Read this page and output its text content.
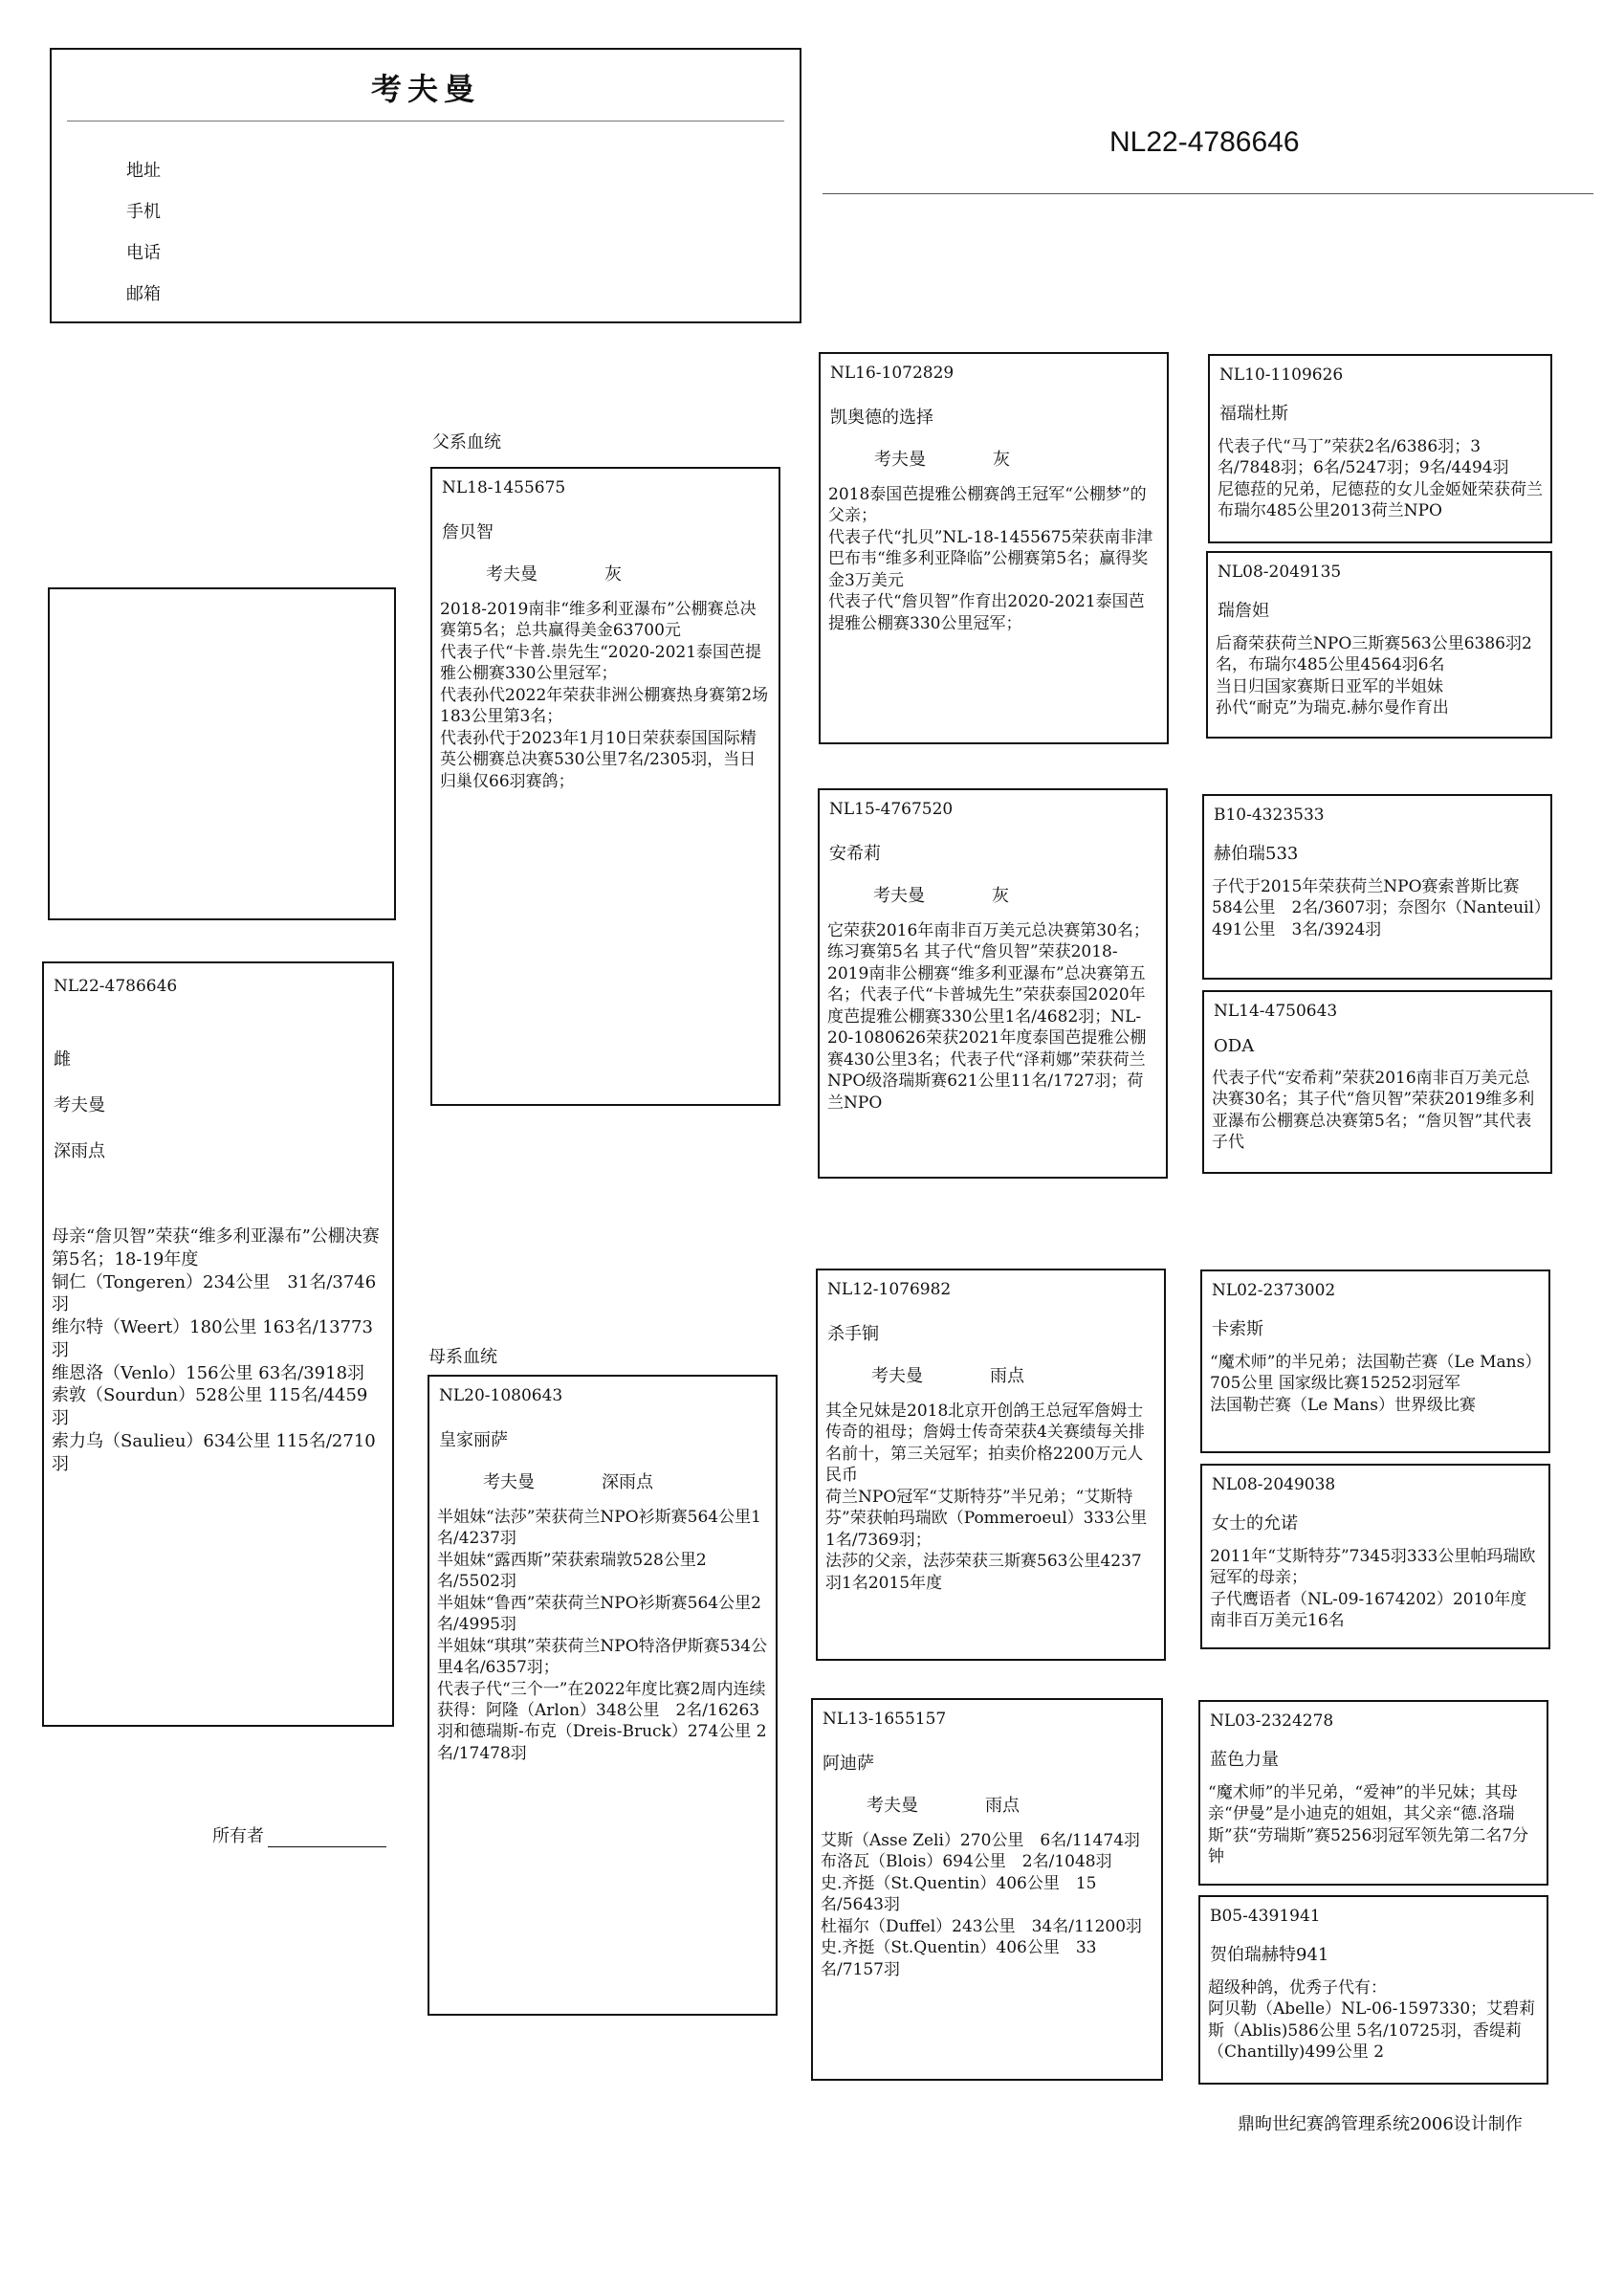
考夫曼
地址
手机
电话
邮箱
NL22-4786646
父系血统
母系血统
NL22-4786646
雌
考夫曼
深雨点
母亲“詹贝智”荣获“维多利亚瀑布”公棚决赛第5名；18-19年度
铜仁（Tongeren）234公里　31名/3746羽
维尔特（Weert）180公里 163名/13773羽
维恩洛（Venlo）156公里 63名/3918羽
索敦（Sourdun）528公里 115名/4459羽
索力乌（Saulieu）634公里 115名/2710羽
所有者
NL18-1455675
詹贝智
考夫曼	灰
2018-2019南非“维多利亚瀑布”公棚赛总决赛第5名；总共赢得美金63700元
代表子代“卡普.崇先生“2020-2021泰国芭提雅公棚赛330公里冠军；
代表孙代2022年荣获非洲公棚赛热身赛第2场183公里第3名；
代表孙代于2023年1月10日荣获泰国国际精英公棚赛总决赛530公里7名/2305羽，当日归巢仅66羽赛鸽；
NL20-1080643
皇家丽萨
考夫曼	深雨点
半姐妹“法莎”荣获荷兰NPO衫斯赛564公里1名/4237羽
半姐妹“露西斯”荣获索瑞敦528公里2名/5502羽
半姐妹“鲁西”荣获荷兰NPO衫斯赛564公里2名/4995羽
半姐妹“琪琪”荣获荷兰NPO特洛伊斯赛534公里4名/6357羽；
代表子代“三个一”在2022年度比赛2周内连续获得：阿隆（Arlon）348公里　2名/16263羽和德瑞斯-布克（Dreis-Bruck）274公里 2名/17478羽
NL16-1072829
凯奥德的选择
考夫曼	灰
2018泰国芭提雅公棚赛鸽王冠军“公棚梦”的父亲；
代表子代“扎贝”NL-18-1455675荣获南非津巴布韦“维多利亚降临”公棚赛第5名；赢得奖金3万美元
代表子代“詹贝智”作育出2020-2021泰国芭提雅公棚赛330公里冠军；
NL15-4767520
安希莉
考夫曼	灰
它荣获2016年南非百万美元总决赛第30名；练习赛第5名 其子代“詹贝智”荣获2018-2019南非公棚赛“维多利亚瀑布”总决赛第五名；代表子代“卡普城先生”荣获泰国2020年度芭提雅公棚赛330公里1名/4682羽；NL-20-1080626荣获2021年度泰国芭提雅公棚赛430公里3名；代表子代“泽莉娜”荣获荷兰NPO级洛瑞斯赛621公里11名/1727羽；荷兰NPO
NL12-1076982
杀手锏
考夫曼	雨点
其全兄妹是2018北京开创鸽王总冠军詹姆士传奇的祖母；詹姆士传奇荣获4关赛绩每关排名前十，第三关冠军；拍卖价格2200万元人民币
荷兰NPO冠军“艾斯特芬”半兄弟；“艾斯特芬”荣获帕玛瑞欧（Pommeroeul）333公里　1名/7369羽；
法莎的父亲，法莎荣获三斯赛563公里4237羽1名2015年度
NL13-1655157
阿迪萨
考夫曼	雨点
艾斯（Asse Zeli）270公里　6名/11474羽
布洛瓦（Blois）694公里　2名/1048羽
史.齐挺（St.Quentin）406公里　15名/5643羽
杜福尔（Duffel）243公里　34名/11200羽
史.齐挺（St.Quentin）406公里　33名/7157羽
NL10-1109626
福瑞杜斯
代表子代“马丁”荣获2名/6386羽；3名/7848羽；6名/5247羽；9名/4494羽
尼德菈的兄弟，尼德菈的女儿金姬娅荣获荷兰布瑞尔485公里2013荷兰NPO
NL08-2049135
瑞詹妲
后裔荣获荷兰NPO三斯赛563公里6386羽2名，布瑞尔485公里4564羽6名
当日归国家赛斯日亚军的半姐妹
孙代“耐克”为瑞克.赫尔曼作育出
B10-4323533
赫伯瑞533
子代于2015年荣获荷兰NPO赛索普斯比赛584公里　2名/3607羽；奈图尔（Nanteuil）491公里　3名/3924羽
NL14-4750643
ODA
代表子代“安希莉”荣获2016南非百万美元总决赛30名；其子代“詹贝智”荣获2019维多利亚瀑布公棚赛总决赛第5名；“詹贝智”其代表子代
NL02-2373002
卡索斯
“魔术师”的半兄弟；法国勒芒赛（Le Mans）705公里 国家级比赛15252羽冠军
法国勒芒赛（Le Mans）世界级比赛
NL08-2049038
女士的允诺
2011年“艾斯特芬”7345羽333公里帕玛瑞欧冠军的母亲；
子代鹰语者（NL-09-1674202）2010年度南非百万美元16名
NL03-2324278
蓝色力量
“魔术师”的半兄弟，“爱神”的半兄妹；其母亲“伊曼”是小迪克的姐姐，其父亲“德.洛瑞斯”获“劳瑞斯”赛5256羽冠军领先第二名7分钟
B05-4391941
贺伯瑞赫特941
超级种鸽，优秀子代有：
阿贝勒（Abelle）NL-06-1597330；艾碧莉斯（Ablis)586公里 5名/10725羽，香缇莉（Chantilly)499公里 2
鼎昫世纪赛鸽管理系统2006设计制作
